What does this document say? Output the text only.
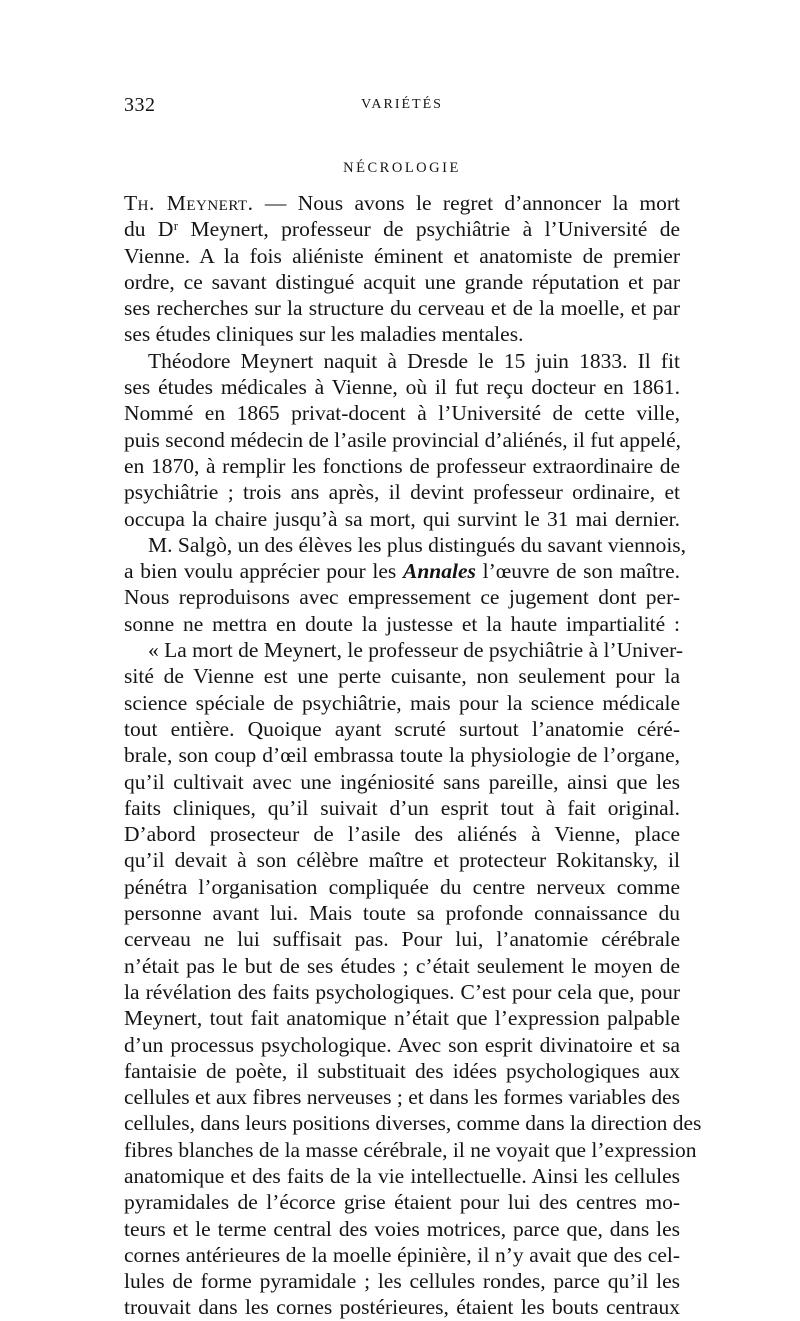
332	VARIÉTÉS
NÉCROLOGIE
Th. Meynert. — Nous avons le regret d’annoncer la mort
du Dʳ Meynert, professeur de psychiâtrie à l’Université de
Vienne. A la fois aliéniste éminent et anatomiste de premier
ordre, ce savant distingué acquit une grande réputation et par
ses recherches sur la structure du cerveau et de la moelle, et par
ses études cliniques sur les maladies mentales.
Théodore Meynert naquit à Dresde le 15 juin 1833. Il fit
ses études médicales à Vienne, où il fut reçu docteur en 1861.
Nommé en 1865 privat-docent à l’Université de cette ville,
puis second médecin de l’asile provincial d’aliénés, il fut appelé,
en 1870, à remplir les fonctions de professeur extraordinaire de
psychiâtrie ; trois ans après, il devint professeur ordinaire, et
occupa la chaire jusqu’à sa mort, qui survint le 31 mai dernier.
M. Salgò, un des élèves les plus distingués du savant viennois,
a bien voulu apprécier pour les Annales l’œuvre de son maître.
Nous reproduisons avec empressement ce jugement dont per-
sonne ne mettra en doute la justesse et la haute impartialité :
« La mort de Meynert, le professeur de psychiâtrie à l’Univer-
sité de Vienne est une perte cuisante, non seulement pour la
science spéciale de psychiâtrie, mais pour la science médicale
tout entière. Quoique ayant scruté surtout l’anatomie céré-
brale, son coup d’œil embrassa toute la physiologie de l’organe,
qu’il cultivait avec une ingéniosité sans pareille, ainsi que les
faits cliniques, qu’il suivait d’un esprit tout à fait original.
D’abord prosecteur de l’asile des aliénés à Vienne, place
qu’il devait à son célèbre maître et protecteur Rokitansky, il
pénétra l’organisation compliquée du centre nerveux comme
personne avant lui. Mais toute sa profonde connaissance du
cerveau ne lui suffisait pas. Pour lui, l’anatomie cérébrale
n’était pas le but de ses études ; c’était seulement le moyen de
la révélation des faits psychologiques. C’est pour cela que, pour
Meynert, tout fait anatomique n’était que l’expression palpable
d’un processus psychologique. Avec son esprit divinatoire et sa
fantaisie de poète, il substituait des idées psychologiques aux
cellules et aux fibres nerveuses ; et dans les formes variables des
cellules, dans leurs positions diverses, comme dans la direction des
fibres blanches de la masse cérébrale, il ne voyait que l’expression
anatomique et des faits de la vie intellectuelle. Ainsi les cellules
pyramidales de l’écorce grise étaient pour lui des centres mo-
teurs et le terme central des voies motrices, parce que, dans les
cornes antérieures de la moelle épinière, il n’y avait que des cel-
lules de forme pyramidale ; les cellules rondes, parce qu’il les
trouvait dans les cornes postérieures, étaient les bouts centraux
